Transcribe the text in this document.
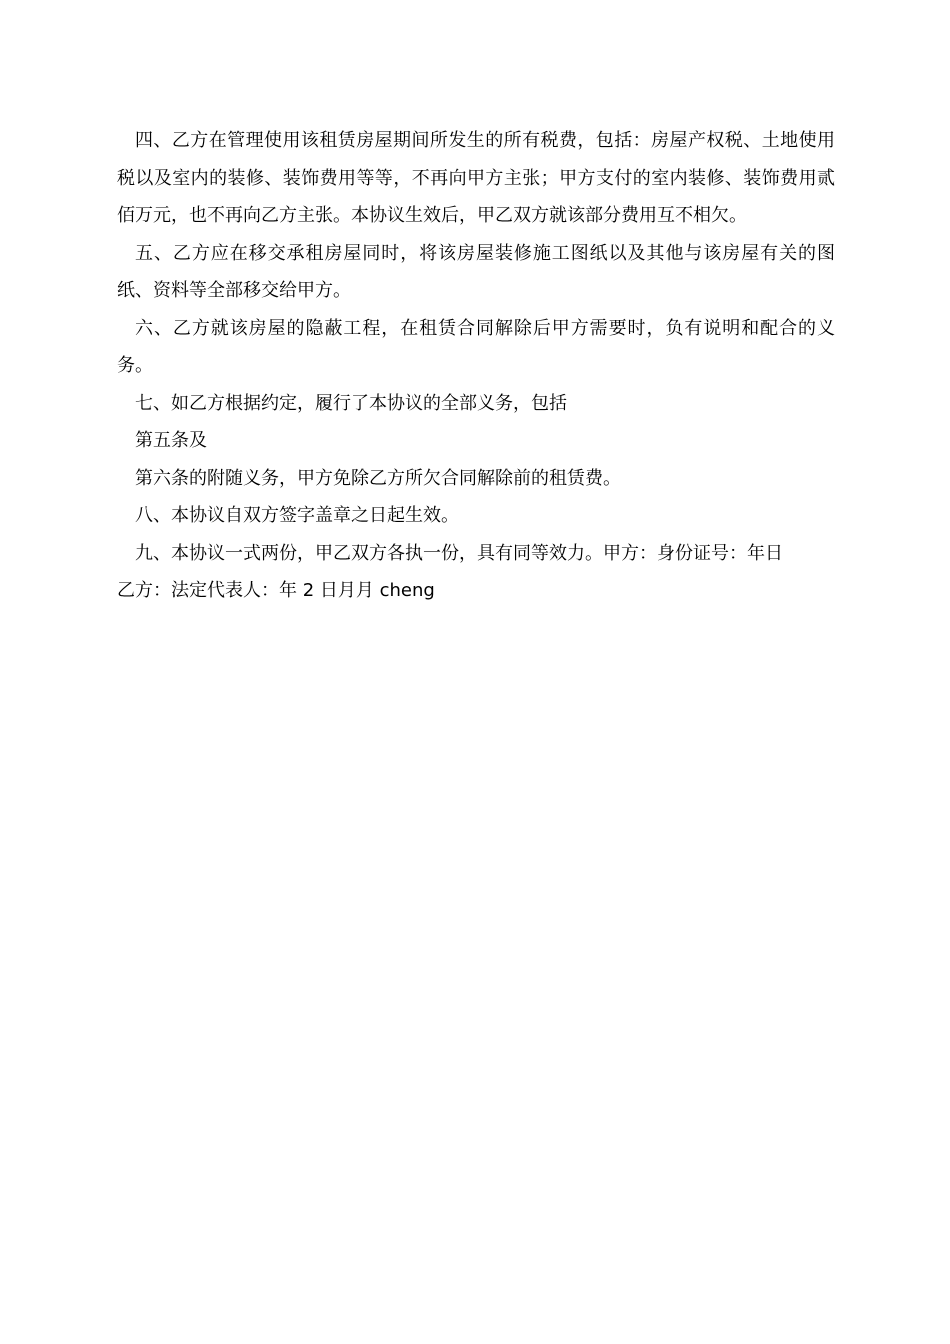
四、乙方在管理使用该租赁房屋期间所发生的所有税费，包括：房屋产权税、土地使用税以及室内的装修、装饰费用等等，不再向甲方主张；甲方支付的室内装修、装饰费用贰佰万元，也不再向乙方主张。本协议生效后，甲乙双方就该部分费用互不相欠。

五、乙方应在移交承租房屋同时，将该房屋装修施工图纸以及其他与该房屋有关的图纸、资料等全部移交给甲方。

六、乙方就该房屋的隐蔽工程，在租赁合同解除后甲方需要时，负有说明和配合的义务。

七、如乙方根据约定，履行了本协议的全部义务，包括

第五条及

第六条的附随义务，甲方免除乙方所欠合同解除前的租赁费。

八、本协议自双方签字盖章之日起生效。

九、本协议一式两份，甲乙双方各执一份，具有同等效力。甲方：身份证号：年日

乙方：法定代表人：年 2 日月月 cheng
